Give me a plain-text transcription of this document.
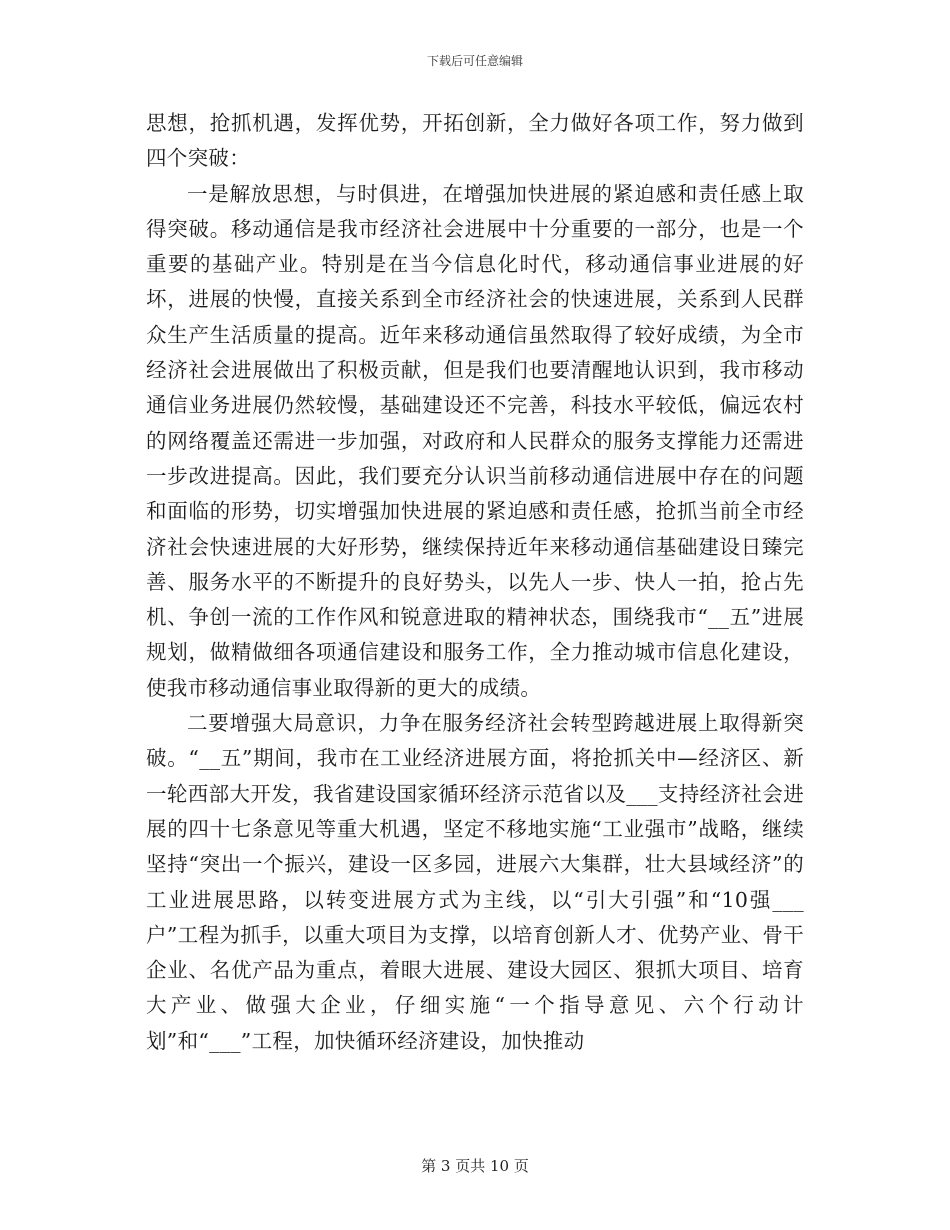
下载后可任意编辑

思想，抢抓机遇，发挥优势，开拓创新，全力做好各项工作，努力做到四个突破：

一是解放思想，与时俱进，在增强加快进展的紧迫感和责任感上取得突破。移动通信是我市经济社会进展中十分重要的一部分，也是一个重要的基础产业。特别是在当今信息化时代，移动通信事业进展的好坏，进展的快慢，直接关系到全市经济社会的快速进展，关系到人民群众生产生活质量的提高。近年来移动通信虽然取得了较好成绩，为全市经济社会进展做出了积极贡献，但是我们也要清醒地认识到，我市移动通信业务进展仍然较慢，基础建设还不完善，科技水平较低，偏远农村的网络覆盖还需进一步加强，对政府和人民群众的服务支撑能力还需进一步改进提高。因此，我们要充分认识当前移动通信进展中存在的问题和面临的形势，切实增强加快进展的紧迫感和责任感，抢抓当前全市经济社会快速进展的大好形势，继续保持近年来移动通信基础建设日臻完善、服务水平的不断提升的良好势头，以先人一步、快人一拍，抢占先机、争创一流的工作作风和锐意进取的精神状态，围绕我市“__五”进展规划，做精做细各项通信建设和服务工作，全力推动城市信息化建设，使我市移动通信事业取得新的更大的成绩。

二要增强大局意识，力争在服务经济社会转型跨越进展上取得新突破。“__五”期间，我市在工业经济进展方面，将抢抓关中—经济区、新一轮西部大开发，我省建设国家循环经济示范省以及___支持经济社会进展的四十七条意见等重大机遇，坚定不移地实施“工业强市”战略，继续坚持“突出一个振兴，建设一区多园，进展六大集群，壮大县域经济”的工业进展思路，以转变进展方式为主线，以“引大引强”和“10强___户”工程为抓手，以重大项目为支撑，以培育创新人才、优势产业、骨干企业、名优产品为重点，着眼大进展、建设大园区、狠抓大项目、培育大产业、做强大企业，仔细实施“一个指导意见、六个行动计划”和“___”工程，加快循环经济建设，加快推动

第 3 页共 10 页
